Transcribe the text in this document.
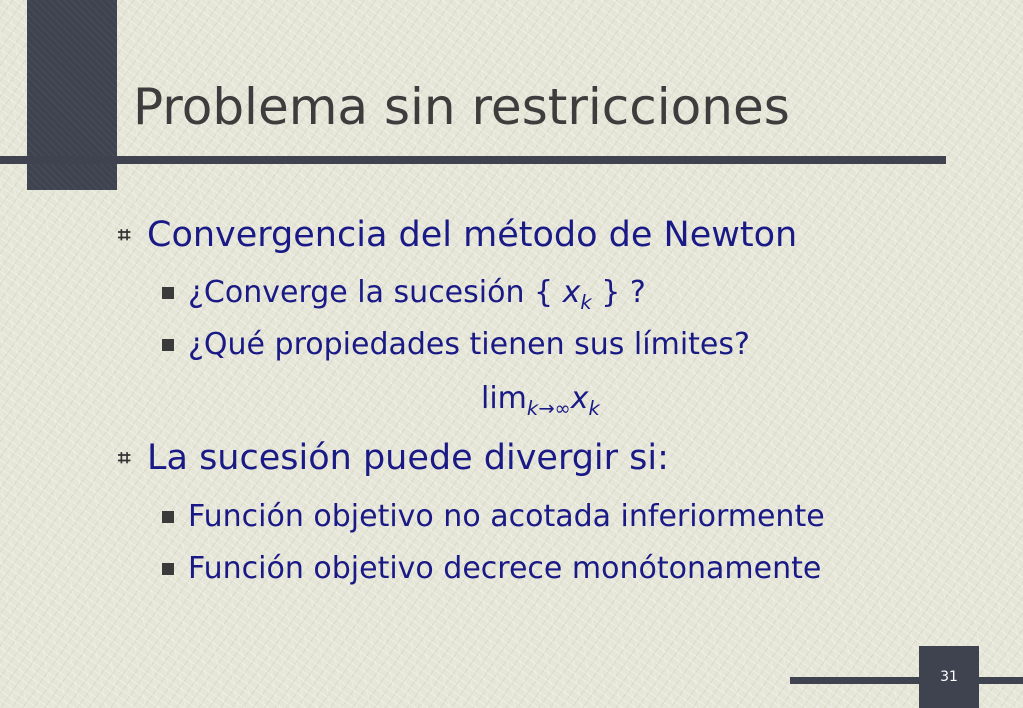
Problema sin restricciones
⌗ Convergencia del método de Newton
¿Converge la sucesión { $x_k$ } ?
¿Qué propiedades tienen sus límites?
$\lim_{k\to\infty}x_k$
⌗ La sucesión puede divergir si:
Función objetivo no acotada inferiormente
Función objetivo decrece monótonamente
31
